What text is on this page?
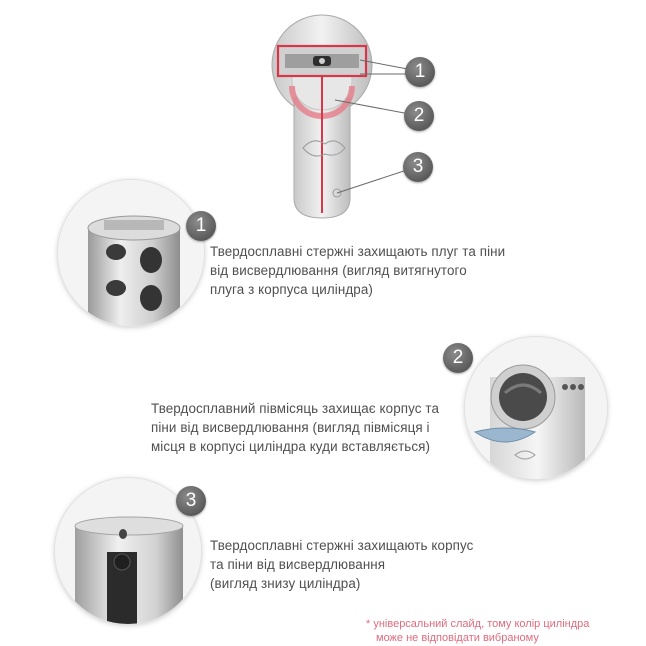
1
2
3
1
Твердосплавні стержні захищають плуг та піни
від висвердлювання (вигляд витягнутого
плуга з корпуса циліндра)
2
Твердосплавний півмісяць захищає корпус та
піни від висвердлювання (вигляд півмісяця і
місця в корпусі циліндра куди вставляється)
3
Твердосплавні стержні захищають корпус
та піни від висвердлювання
(вигляд знизу циліндра)
* універсальний слайд, тому колір циліндра
може не відповідати вибраному
